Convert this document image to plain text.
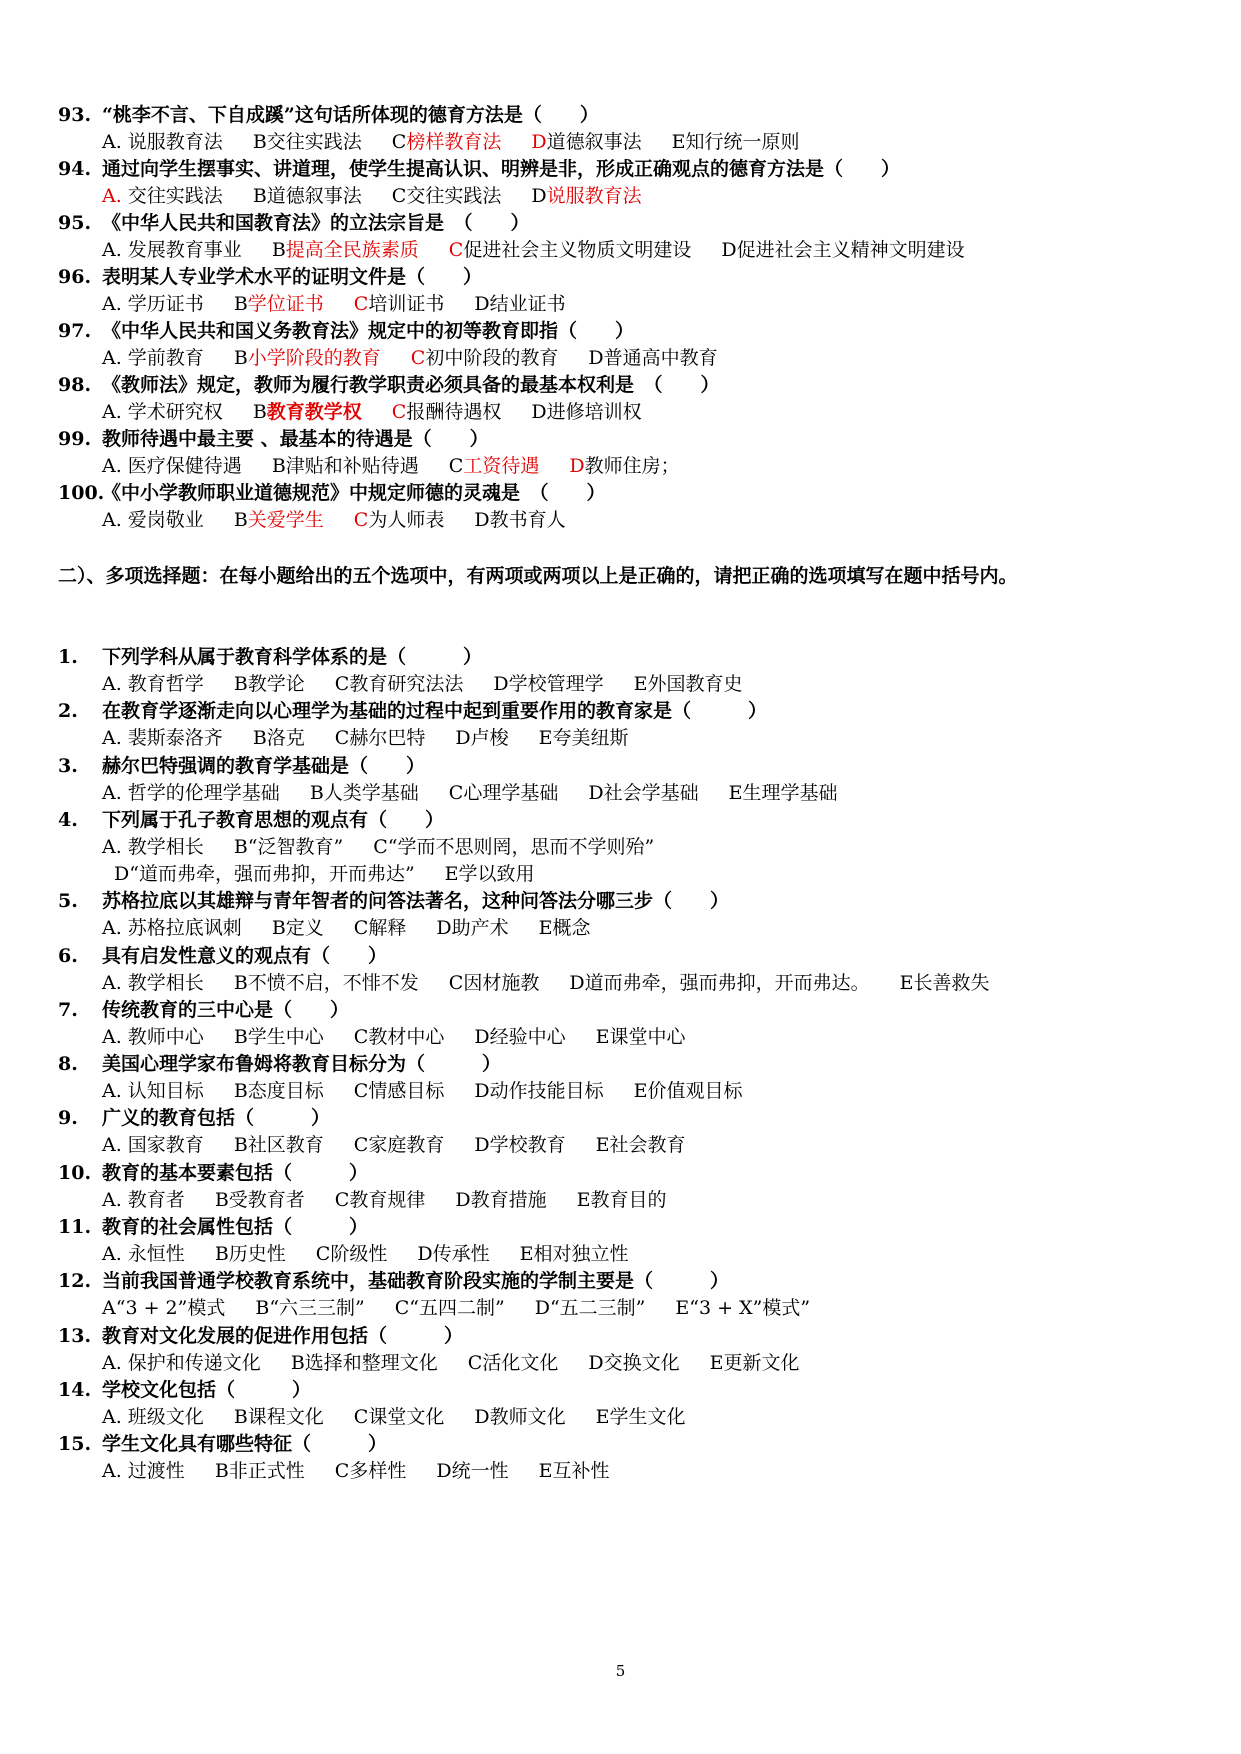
93. “桃李不言、下自成蹊”这句话所体现的德育方法是（　　）
A. 说服教育法 B交往实践法 C榜样教育法 D道德叙事法 E知行统一原则
94. 通过向学生摆事实、讲道理，使学生提高认识、明辨是非，形成正确观点的德育方法是（　　）
A. 交往实践法 B道德叙事法 C交往实践法 D说服教育法
95. 《中华人民共和国教育法》的立法宗旨是　（　　）
A. 发展教育事业 B提高全民族素质 C促进社会主义物质文明建设 D促进社会主义精神文明建设
96. 表明某人专业学术水平的证明文件是（　　）
A. 学历证书 B学位证书 C培训证书 D结业证书
97. 《中华人民共和国义务教育法》规定中的初等教育即指（　　）
A. 学前教育 B小学阶段的教育 C初中阶段的教育 D普通高中教育
98. 《教师法》规定，教师为履行教学职责必须具备的最基本权利是　（　　）
A. 学术研究权 B教育教学权 C报酬待遇权 D进修培训权
99. 教师待遇中最主要 、最基本的待遇是（　　）
A. 医疗保健待遇 B津贴和补贴待遇 C工资待遇 D教师住房；
100.《中小学教师职业道德规范》中规定师德的灵魂是　（　　）
A. 爱岗敬业 B关爱学生 C为人师表 D教书育人
二）、多项选择题：在每小题给出的五个选项中，有两项或两项以上是正确的，请把正确的选项填写在题中括号内。
1. 下列学科从属于教育科学体系的是（　　　）
A. 教育哲学 B教学论 C教育研究法法 D学校管理学 E外国教育史
2. 在教育学逐渐走向以心理学为基础的过程中起到重要作用的教育家是（　　　）
A. 裴斯泰洛齐 B洛克 C赫尔巴特 D卢梭 E夸美纽斯
3. 赫尔巴特强调的教育学基础是（　　）
A. 哲学的伦理学基础 B人类学基础 C心理学基础 D社会学基础 E生理学基础
4. 下列属于孔子教育思想的观点有（　　）
A. 教学相长 B“泛智教育” C“学而不思则罔，思而不学则殆”
D“道而弗牵，强而弗抑，开而弗达” E学以致用
5. 苏格拉底以其雄辩与青年智者的问答法著名，这种问答法分哪三步（　　）
A. 苏格拉底讽刺 B定义 C解释 D助产术 E概念
6. 具有启发性意义的观点有（　　）
A. 教学相长 B不愤不启，不悱不发 C因材施教 D道而弗牵，强而弗抑，开而弗达。 E长善救失
7. 传统教育的三中心是（　　）
A. 教师中心 B学生中心 C教材中心 D经验中心 E课堂中心
8. 美国心理学家布鲁姆将教育目标分为（　　　）
A. 认知目标 B态度目标 C情感目标 D动作技能目标 E价值观目标
9. 广义的教育包括（　　　）
A. 国家教育 B社区教育 C家庭教育 D学校教育 E社会教育
10. 教育的基本要素包括（　　　）
A. 教育者 B受教育者 C教育规律 D教育措施 E教育目的
11. 教育的社会属性包括（　　　）
A. 永恒性 B历史性 C阶级性 D传承性 E相对独立性
12. 当前我国普通学校教育系统中，基础教育阶段实施的学制主要是（　　　）
A“3 + 2”模式 B“六三三制” C“五四二制” D“五二三制” E“3 + X”模式”
13. 教育对文化发展的促进作用包括（　　　）
A. 保护和传递文化 B选择和整理文化 C活化文化 D交换文化 E更新文化
14. 学校文化包括（　　　）
A. 班级文化 B课程文化 C课堂文化 D教师文化 E学生文化
15. 学生文化具有哪些特征（　　　）
A. 过渡性 B非正式性 C多样性 D统一性 E互补性
5
